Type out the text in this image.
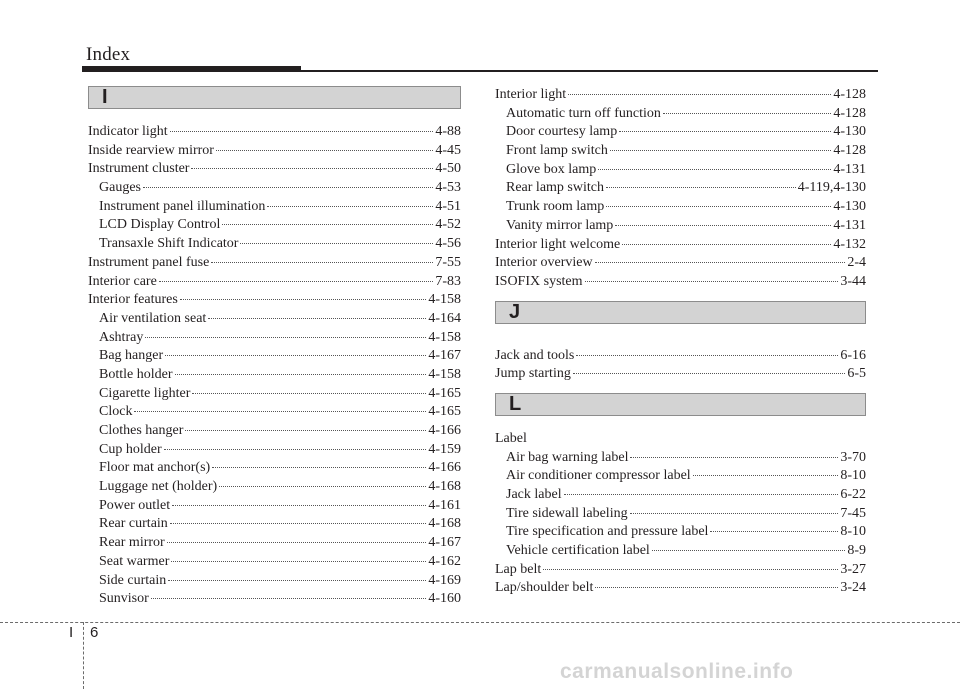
Index
I
Indicator light	4-88
Inside rearview mirror	4-45
Instrument cluster	4-50
Gauges	4-53
Instrument panel illumination	4-51
LCD Display Control	4-52
Transaxle Shift Indicator	4-56
Instrument panel fuse	7-55
Interior care	7-83
Interior features	4-158
Air ventilation seat	4-164
Ashtray	4-158
Bag hanger	4-167
Bottle holder	4-158
Cigarette lighter	4-165
Clock	4-165
Clothes hanger	4-166
Cup holder	4-159
Floor mat anchor(s)	4-166
Luggage net (holder)	4-168
Power outlet	4-161
Rear curtain	4-168
Rear mirror	4-167
Seat warmer	4-162
Side curtain	4-169
Sunvisor	4-160
Interior light	4-128
Automatic turn off function	4-128
Door courtesy lamp	4-130
Front lamp switch	4-128
Glove box lamp	4-131
Rear lamp switch	4-119,4-130
Trunk room lamp	4-130
Vanity mirror lamp	4-131
Interior light welcome	4-132
Interior overview	2-4
ISOFIX system	3-44
J
Jack and tools	6-16
Jump starting	6-5
L
Label
Air bag warning label	3-70
Air conditioner compressor label	8-10
Jack label	6-22
Tire sidewall labeling	7-45
Tire specification and pressure label	8-10
Vehicle certification label	8-9
Lap belt	3-27
Lap/shoulder belt	3-24
I 6
carmanualsonline.info
